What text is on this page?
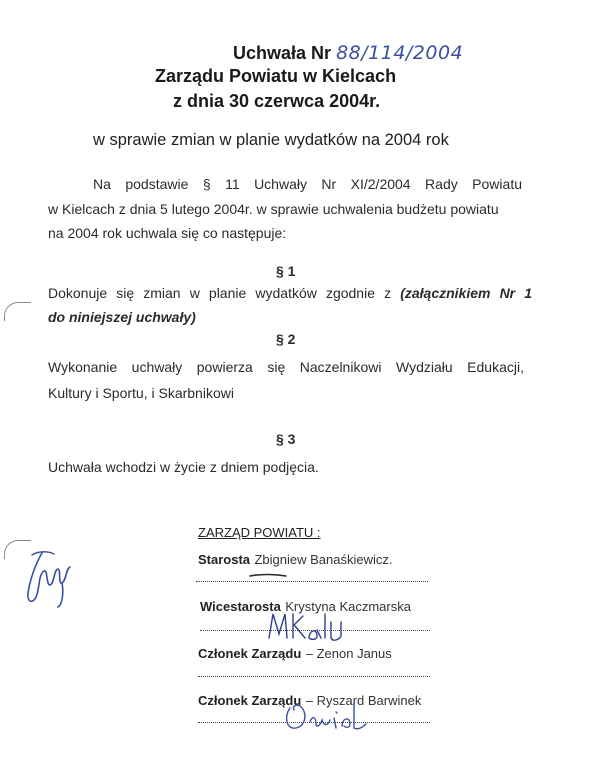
Uchwała Nr 88/114/2004
Zarządu Powiatu w Kielcach
z dnia 30 czerwca 2004r.
w sprawie zmian w planie wydatków na 2004 rok
Na podstawie § 11 Uchwały Nr XI/2/2004 Rady Powiatu
w Kielcach z dnia 5 lutego 2004r. w sprawie uchwalenia budżetu powiatu
na 2004 rok uchwala się co następuje:
§ 1
Dokonuje się zmian w planie wydatków zgodnie z (załącznikiem Nr 1
do niniejszej uchwały)
§ 2
Wykonanie uchwały powierza się Naczelnikowi Wydziału Edukacji,
Kultury i Sportu, i Skarbnikowi
§ 3
Uchwała wchodzi w życie z dniem podjęcia.
ZARZĄD POWIATU :
Starosta Zbigniew Banaśkiewicz.
Wicestarosta Krystyna Kaczmarska
Członek Zarządu – Zenon Janus
Członek Zarządu – Ryszard Barwinek
